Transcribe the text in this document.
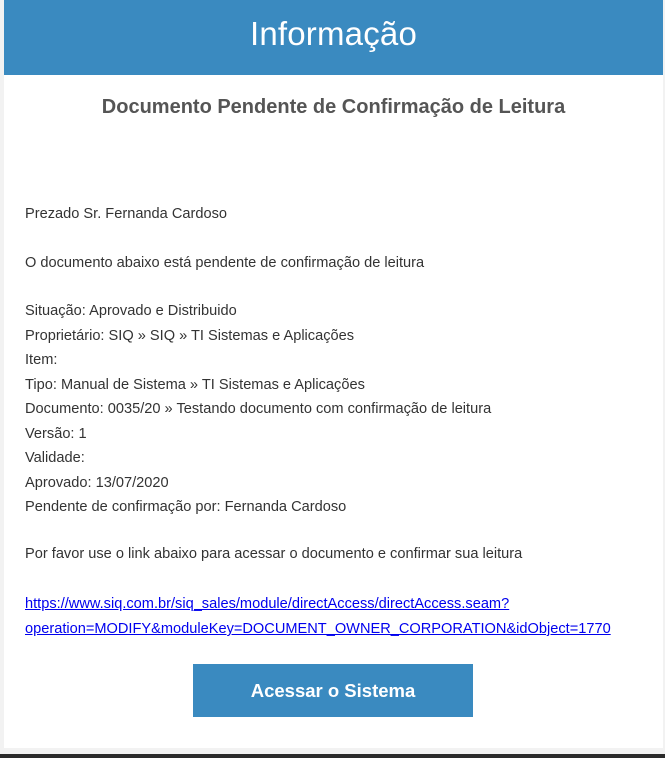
Informação
Documento Pendente de Confirmação de Leitura
Prezado Sr. Fernanda Cardoso
O documento abaixo está pendente de confirmação de leitura
Situação: Aprovado e Distribuido
Proprietário: SIQ » SIQ » TI Sistemas e Aplicações
Item:
Tipo: Manual de Sistema » TI Sistemas e Aplicações
Documento: 0035/20 » Testando documento com confirmação de leitura
Versão: 1
Validade:
Aprovado: 13/07/2020
Pendente de confirmação por: Fernanda Cardoso
Por favor use o link abaixo para acessar o documento e confirmar sua leitura
https://www.siq.com.br/siq_sales/module/directAccess/directAccess.seam?
operation=MODIFY&moduleKey=DOCUMENT_OWNER_CORPORATION&idObject=1770
Acessar o Sistema
